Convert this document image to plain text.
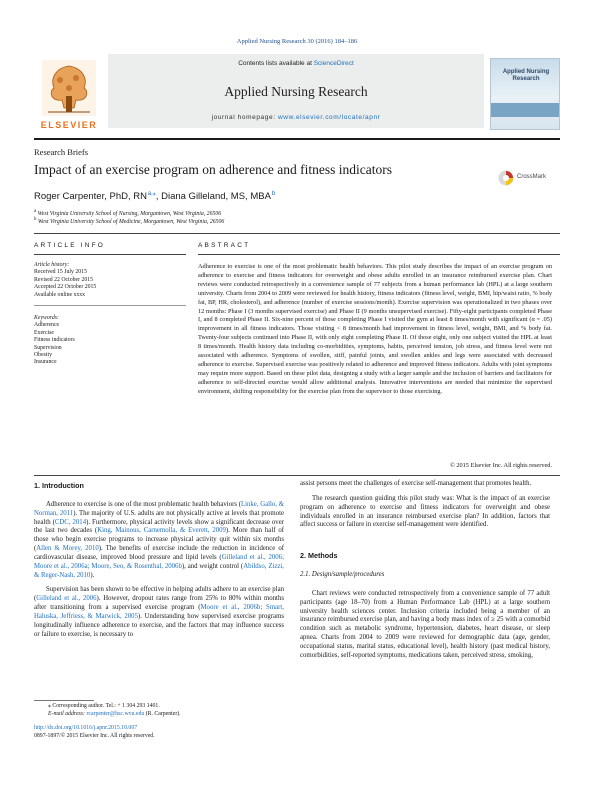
Applied Nursing Research 30 (2016) 184–186
ELSEVIER
Contents lists available at ScienceDirect
Applied Nursing Research
journal homepage: www.elsevier.com/locate/apnr
Applied Nursing Research
Research Briefs
Impact of an exercise program on adherence and fitness indicators	CrossMark
Roger Carpenter, PhD, RN $^{a,⁎}$, Diana Gilleland, MS, MBA $^b$
$^a$ West Virginia University School of Nursing, Morgantown, West Virginia, 26506
$^b$ West Virginia University School of Medicine, Morgantown, West Virginia, 26506
ARTICLE INFO	ABSTRACT
Article history:
Received 15 July 2015
Revised 22 October 2015
Accepted 22 October 2015
Available online xxxx
Keywords:
Adherence
Exercise
Fitness indicators
Supervision
Obesity
Insurance
Adherence to exercise is one of the most problematic health behaviors. This pilot study describes the impact of an exercise program on adherence to exercise and fitness indicators for overweight and obese adults enrolled in an insurance reimbursed exercise plan. Chart reviews were conducted retrospectively in a convenience sample of 77 subjects from a human performance lab (HPL) at a large southern university. Charts from 2004 to 2009 were reviewed for health history, fitness indicators (fitness level, weight, BMI, hip/waist ratio, % body fat, BP, HR, cholesterol), and adherence (number of exercise sessions/month). Exercise supervision was operationalized in two phases over 12 months: Phase I (3 months supervised exercise) and Phase II (9 months unsupervised exercise). Fifty-eight participants completed Phase I, and 8 completed Phase II. Six-nine percent of those completing Phase I visited the gym at least 8 times/month with significant (α = .05) improvement in all fitness indicators. Those visiting < 8 times/month had improvement in fitness level, weight, BMI, and % body fat. Twenty-four subjects continued into Phase II, with only eight completing Phase II. Of those eight, only one subject visited the HPL at least 8 times/month. Health history data including co-morbidities, symptoms, habits, perceived tension, job stress, and fitness level were not associated with adherence. Symptoms of swollen, stiff, painful joints, and swollen ankles and legs were associated with decreased adherence to exercise. Supervised exercise was positively related to adherence and improved fitness indicators. Adults with joint symptoms may require more support. Based on these pilot data, designing a study with a larger sample and the inclusion of barriers and facilitators for adherence to self-directed exercise would allow additional analysis. Innovative interventions are needed that minimize the supervised environment, shifting responsibility for the exercise plan from the supervisor to those exercising.
© 2015 Elsevier Inc. All rights reserved.
1. Introduction

Adherence to exercise is one of the most problematic health behaviors (Linke, Gallo, & Norman, 2011). The majority of U.S. adults are not physically active at levels that promote health (CDC, 2014). Furthermore, physical activity levels show a significant decrease over the last two decades (King, Mainous, Carnemolla, & Everett, 2009). More than half of those who begin exercise programs to increase physical activity quit within six months (Allen & Morey, 2010). The benefits of exercise include the reduction in incidence of cardiovascular disease, improved blood pressure and lipid levels (Gilleland et al., 2006; Moore et al., 2006a; Moore, Seo, & Rosenthal, 2006b), and weight control (Abildso, Zizzi, & Reger-Nash, 2010).

Supervision has been shown to be effective in helping adults adhere to an exercise plan (Gilleland et al., 2006). However, dropout rates range from 25% to 80% within months after transitioning from a supervised exercise program (Moore et al., 2006b; Smart, Haluska, Jeffriess, & Marwick, 2005). Understanding how supervised exercise programs longitudinally influence adherence to exercise, and the factors that may influence success or failure to exercise, is necessary to

assist persons meet the challenges of exercise self-management that promotes health.

The research question guiding this pilot study was: What is the impact of an exercise program on adherence to exercise and fitness indicators for overweight and obese individuals enrolled in an insurance reimbursed exercise plan? In addition, factors that affect success or failure in exercise self-management were identified.

2. Methods
2.1. Design/sample/procedures

Chart reviews were conducted retrospectively from a convenience sample of 77 adult participants (age 18–70) from a Human Performance Lab (HPL) at a large southern university health sciences center. Inclusion criteria included being a member of an insurance reimbursed exercise plan, and having a body mass index of ≥ 25 with a comorbid condition such as metabolic syndrome, hypertension, diabetes, heart disease, or sleep apnea. Charts from 2004 to 2009 were reviewed for demographic data (age, gender, occupational status, marital status, educational level), health history (past medical history, comorbidities, self-reported symptoms, medications taken, perceived stress, smoking,

⁎ Corresponding author. Tel.: + 1 304 293 1401.
E-mail address: rcarpenter@hsc.wvu.edu (R. Carpenter).
http://dx.doi.org/10.1016/j.apnr.2015.10.007
0897-1897/© 2015 Elsevier Inc. All rights reserved.
